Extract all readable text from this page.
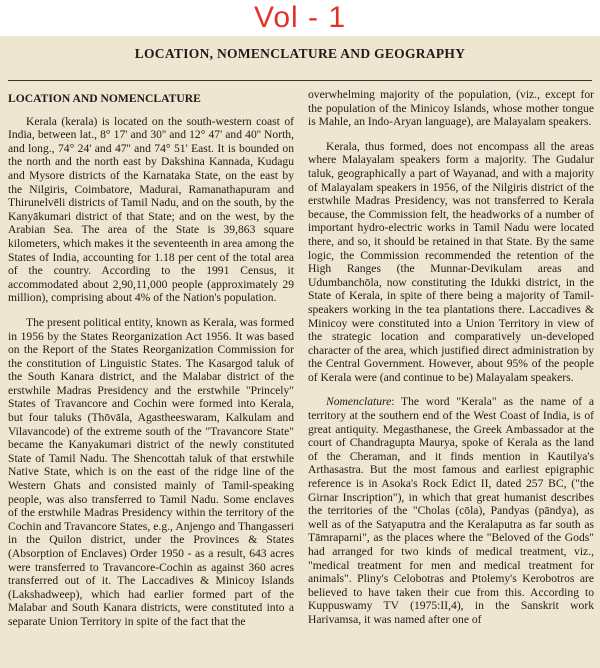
Vol - 1
LOCATION, NOMENCLATURE AND GEOGRAPHY
LOCATION AND NOMENCLATURE

Kerala (kerala) is located on the south-western coast of India, between lat., 8° 17' and 30'' and 12° 47' and 40'' North, and long., 74° 24' and 47'' and 74° 51' East. It is bounded on the north and the north east by Dakshina Kannada, Kudagu and Mysore districts of the Karnataka State, on the east by the Nilgiris, Coimbatore, Madurai, Ramanathapuram and Thirunelvēli districts of Tamil Nadu, and on the south, by the Kanyākumari district of that State; and on the west, by the Arabian Sea. The area of the State is 39,863 square kilometers, which makes it the seventeenth in area among the States of India, accounting for 1.18 per cent of the total area of the country. According to the 1991 Census, it accommodated about 2,90,11,000 people (approximately 29 million), comprising about 4% of the Nation's population.

The present political entity, known as Kerala, was formed in 1956 by the States Reorganization Act 1956. It was based on the Report of the States Reorganization Commission for the constitution of Linguistic States. The Kasargod taluk of the South Kanara district, and the Malabar district of the erstwhile Madras Presidency and the erstwhile "Princely" States of Travancore and Cochin were formed into Kerala, but four taluks (Thōvāla, Agastheeswaram, Kalkulam and Vilavancode) of the extreme south of the "Travancore State" became the Kanyakumari district of the newly constituted State of Tamil Nadu. The Shencottah taluk of that erstwhile Native State, which is on the east of the ridge line of the Western Ghats and consisted mainly of Tamil-speaking people, was also transferred to Tamil Nadu. Some enclaves of the erstwhile Madras Presidency within the territory of the Cochin and Travancore States, e.g., Anjengo and Thangasseri in the Quilon district, under the Provinces & States (Absorption of Enclaves) Order 1950 - as a result, 643 acres were transferred to Travancore-Cochin as against 360 acres transferred out of it. The Laccadives & Minicoy Islands (Lakshadweep), which had earlier formed part of the Malabar and South Kanara districts, were constituted into a separate Union Territory in spite of the fact that the

overwhelming majority of the population, (viz., except for the population of the Minicoy Islands, whose mother tongue is Mahle, an Indo-Aryan language), are Malayalam speakers.

Kerala, thus formed, does not encompass all the areas where Malayalam speakers form a majority. The Gudalur taluk, geographically a part of Wayanad, and with a majority of Malayalam speakers in 1956, of the Nilgiris district of the erstwhile Madras Presidency, was not transferred to Kerala because, the Commission felt, the headworks of a number of important hydro-electric works in Tamil Nadu were located there, and so, it should be retained in that State. By the same logic, the Commission recommended the retention of the High Ranges (the Munnar-Devikulam areas and Udumbanchōla, now constituting the Idukki district, in the State of Kerala, in spite of there being a majority of Tamil-speakers working in the tea plantations there. Laccadives & Minicoy were constituted into a Union Territory in view of the strategic location and comparatively un-developed character of the area, which justified direct administration by the Central Government. However, about 95% of the people of Kerala were (and continue to be) Malayalam speakers.

Nomenclature: The word "Kerala" as the name of a territory at the southern end of the West Coast of India, is of great antiquity. Megasthanese, the Greek Ambassador at the court of Chandragupta Maurya, spoke of Kerala as the land of the Cheraman, and it finds mention in Kautilya's Arthasastra. But the most famous and earliest epigraphic reference is in Asoka's Rock Edict II, dated 257 BC, ("the Girnar Inscription"), in which that great humanist describes the territories of the "Cholas (cōla), Pandyas (pāndya), as well as of the Satyaputra and the Keralaputra as far south as Tāmraparni", as the places where the "Beloved of the Gods" had arranged for two kinds of medical treatment, viz., "medical treatment for men and medical treatment for animals". Pliny's Celobotras and Ptolemy's Kerobotros are believed to have taken their cue from this. According to Kuppuswamy TV (1975:II,4), in the Sanskrit work Harivamsa, it was named after one of
